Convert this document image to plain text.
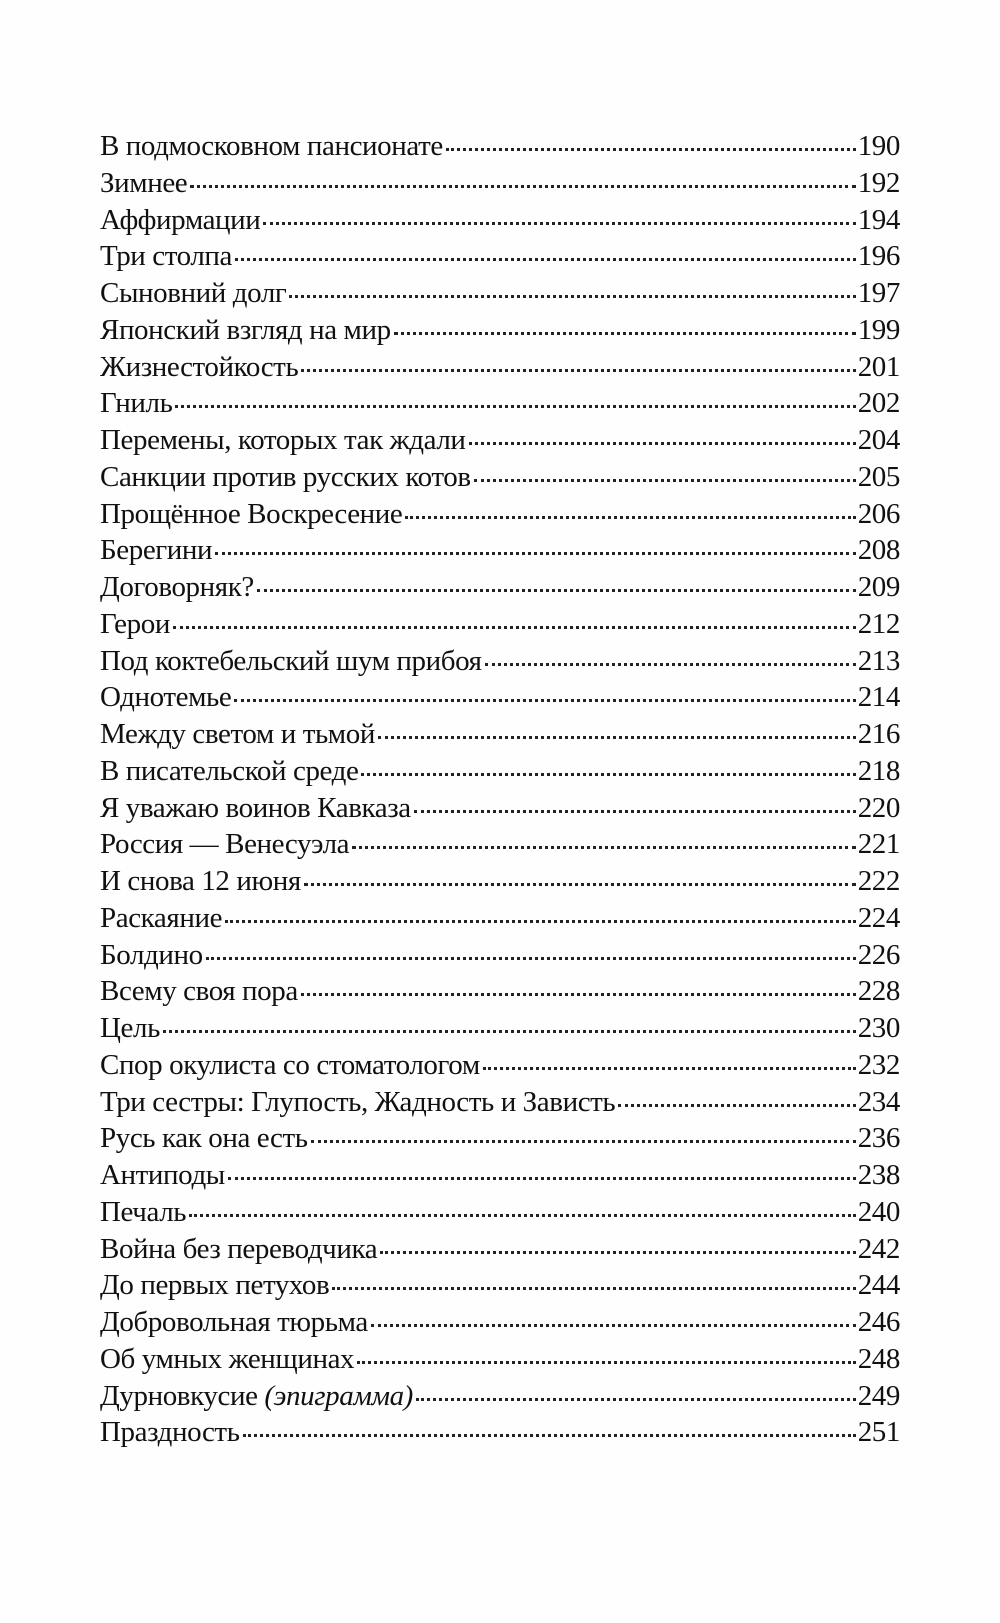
В подмосковном пансионате	190
Зимнее	192
Аффирмации	194
Три столпа	196
Сыновний долг	197
Японский взгляд на мир	199
Жизнестойкость	201
Гниль	202
Перемены, которых так ждали	204
Санкции против русских котов	205
Прощённое Воскресение	206
Берегини	208
Договорняк?	209
Герои	212
Под коктебельский шум прибоя	213
Однотемье	214
Между светом и тьмой	216
В писательской среде	218
Я уважаю воинов Кавказа	220
Россия — Венесуэла	221
И снова 12 июня	222
Раскаяние	224
Болдино	226
Всему своя пора	228
Цель	230
Спор окулиста со стоматологом	232
Три сестры: Глупость, Жадность и Зависть	234
Русь как она есть	236
Антиподы	238
Печаль	240
Война без переводчика	242
До первых петухов	244
Добровольная тюрьма	246
Об умных женщинах	248
Дурновкусие (эпиграмма)	249
Праздность	251
